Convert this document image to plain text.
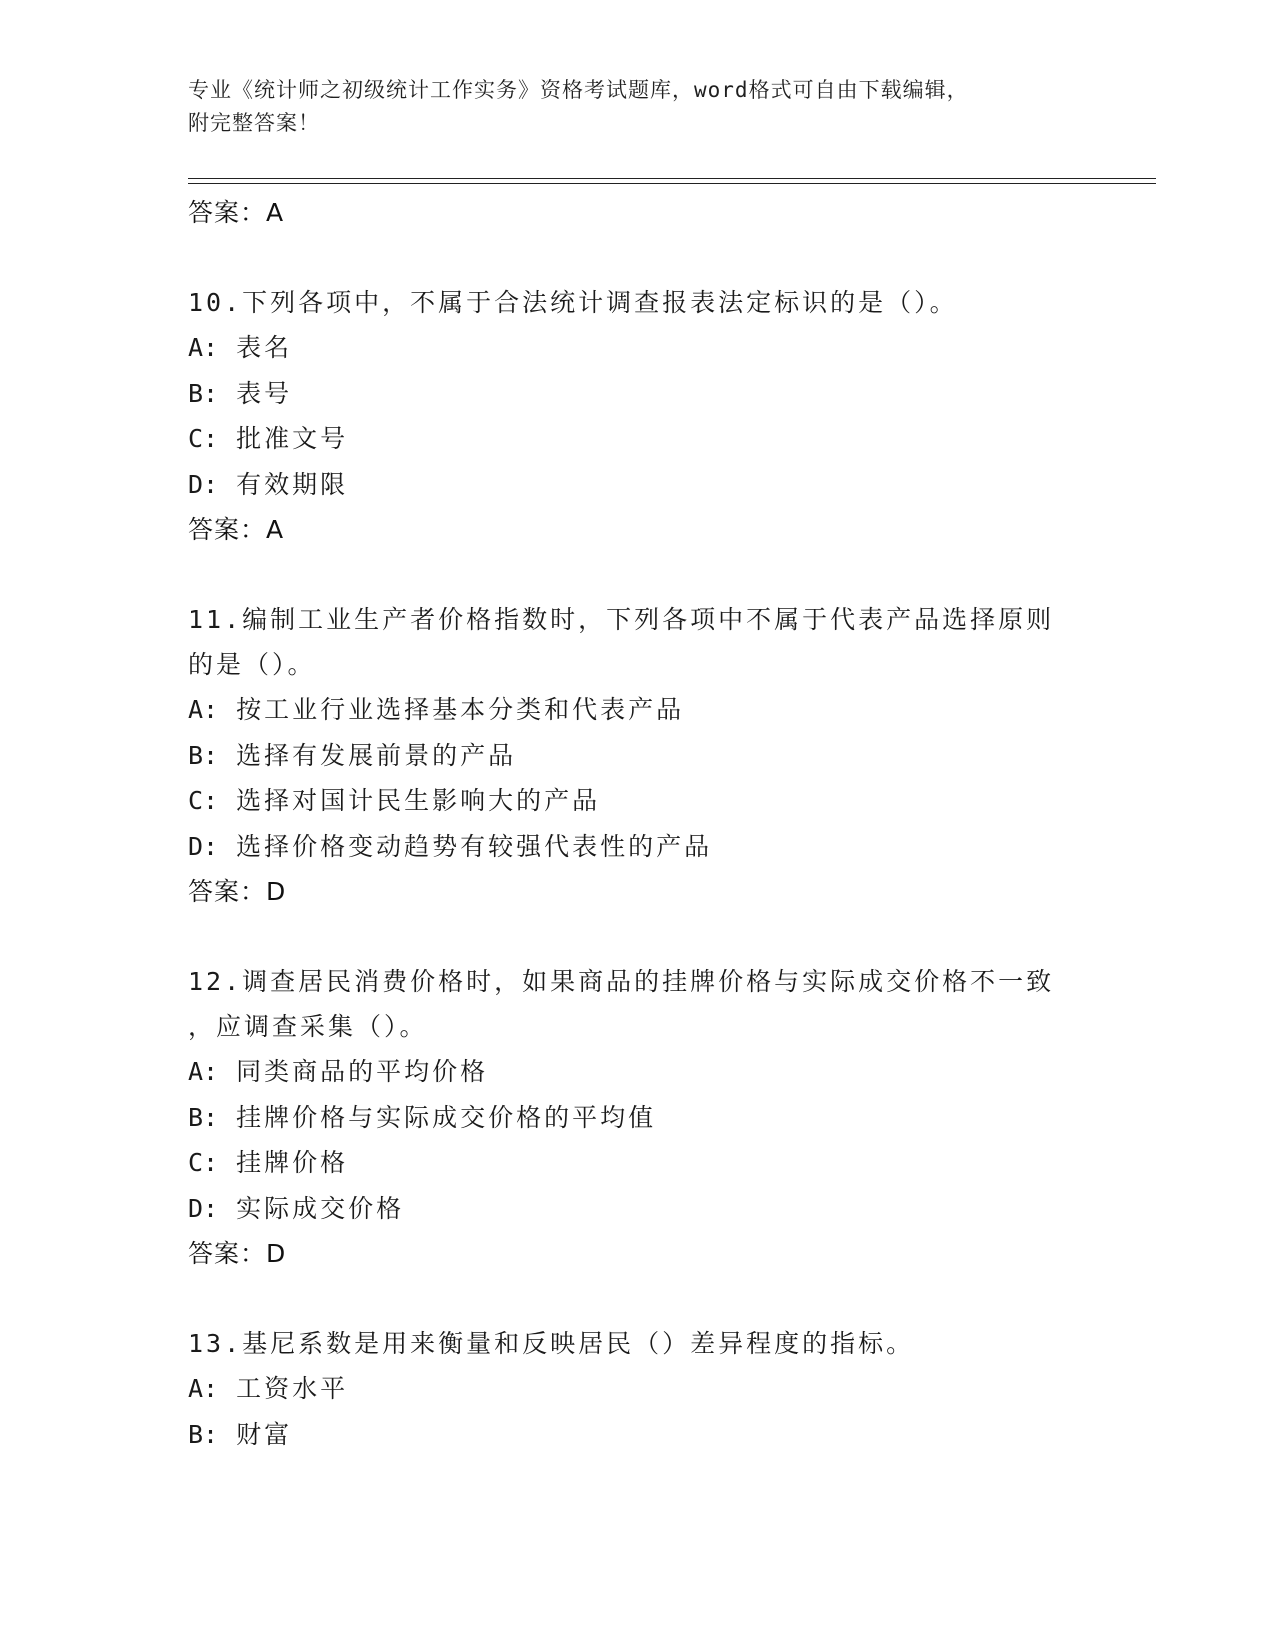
专业《统计师之初级统计工作实务》资格考试题库，word格式可自由下载编辑，
附完整答案！
答案：A
10.下列各项中，不属于合法统计调查报表法定标识的是（）。
A: 表名
B: 表号
C: 批准文号
D: 有效期限
答案：A
11.编制工业生产者价格指数时，下列各项中不属于代表产品选择原则
的是（）。
A: 按工业行业选择基本分类和代表产品
B: 选择有发展前景的产品
C: 选择对国计民生影响大的产品
D: 选择价格变动趋势有较强代表性的产品
答案：D
12.调查居民消费价格时，如果商品的挂牌价格与实际成交价格不一致
，应调查采集（）。
A: 同类商品的平均价格
B: 挂牌价格与实际成交价格的平均值
C: 挂牌价格
D: 实际成交价格
答案：D
13.基尼系数是用来衡量和反映居民（）差异程度的指标。
A: 工资水平
B: 财富
